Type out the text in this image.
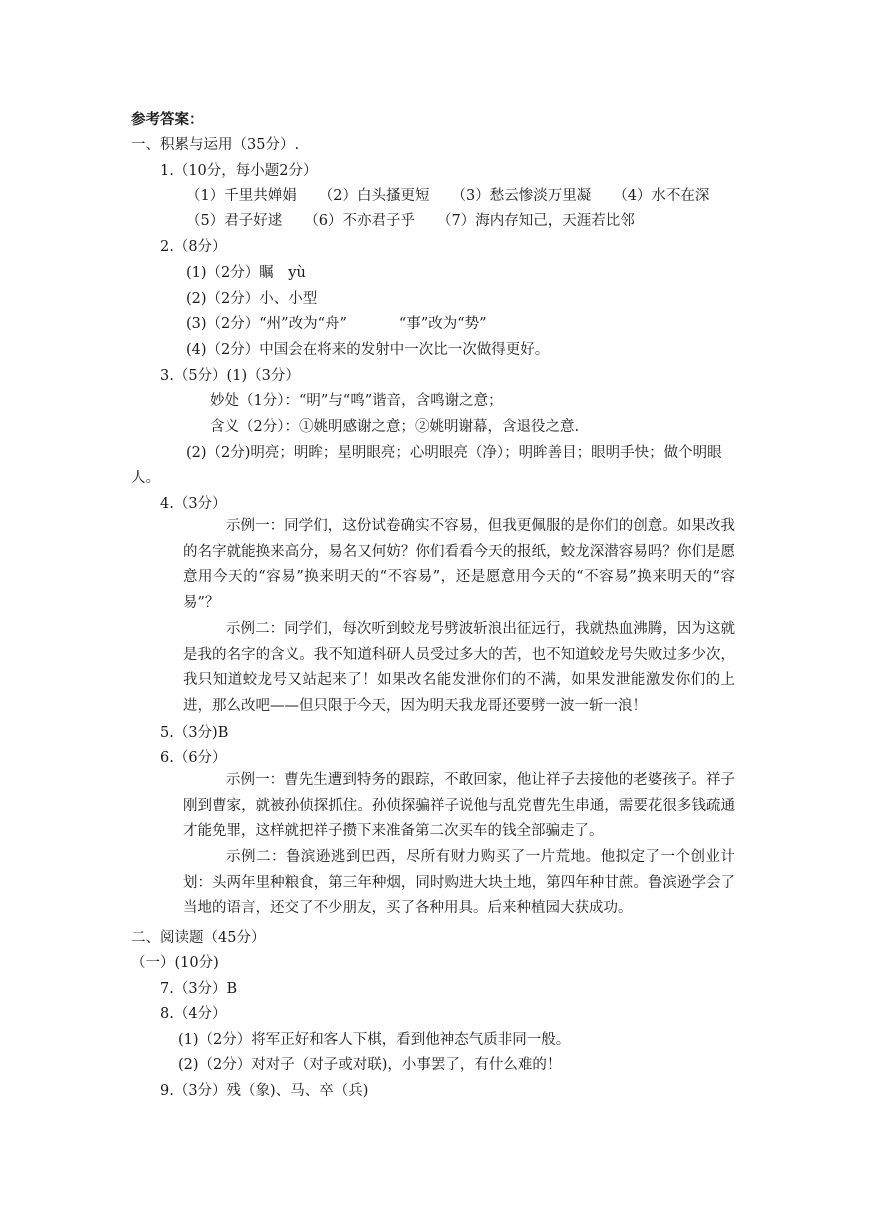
参考答案：

一、积累与运用（35分）.

1.（10分，每小题2分）

（1）千里共婵娟 （2）白头搔更短 （3）愁云惨淡万里凝 （4）水不在深

（5）君子好逑 （6）不亦君子乎 （7）海内存知己，天涯若比邻

2.（8分）

(1)（2分）瞩　yù

(2)（2分）小、小型

(3)（2分）“州”改为“舟”	“事”改为“势”

(4)（2分）中国会在将来的发射中一次比一次做得更好。

3.（5分）(1)（3分）

妙处（1分）：“明”与“鸣”谐音，含鸣谢之意；

含义（2分）：①姚明感谢之意；②姚明谢幕，含退役之意.

(2)（2分)明亮；明眸；星明眼亮；心明眼亮（净）；明眸善目；眼明手快；做个明眼

人。

4.（3分）

示例一：同学们，这份试卷确实不容易，但我更佩服的是你们的创意。如果改我的名字就能换来高分，易名又何妨？你们看看今天的报纸，蛟龙深潜容易吗？你们是愿意用今天的“容易”换来明天的“不容易”，还是愿意用今天的“不容易”换来明天的“容易”？

示例二：同学们，每次听到蛟龙号劈波斩浪出征远行，我就热血沸腾，因为这就是我的名字的含义。我不知道科研人员受过多大的苦，也不知道蛟龙号失败过多少次，我只知道蛟龙号又站起来了！如果改名能发泄你们的不满，如果发泄能激发你们的上进，那么改吧——但只限于今天，因为明天我龙哥还要劈一波一斩一浪！

5.（3分)B

6.（6分）

示例一：曹先生遭到特务的跟踪，不敢回家，他让祥子去接他的老婆孩子。祥子刚到曹家，就被孙侦探抓住。孙侦探骗祥子说他与乱党曹先生串通，需要花很多钱疏通才能免罪，这样就把祥子攒下来准备第二次买车的钱全部骗走了。

示例二：鲁滨逊逃到巴西，尽所有财力购买了一片荒地。他拟定了一个创业计划：头两年里种粮食，第三年种烟，同时购进大块土地，第四年种甘蔗。鲁滨逊学会了当地的语言，还交了不少朋友，买了各种用具。后来种植园大获成功。

二、阅读题（45分）

（一）(10分)

7.（3分）B

8.（4分）

(1)（2分）将军正好和客人下棋，看到他神态气质非同一般。

(2)（2分）对对子（对子或对联)，小事罢了，有什么难的！

9.（3分）残（象)、马、卒（兵)
